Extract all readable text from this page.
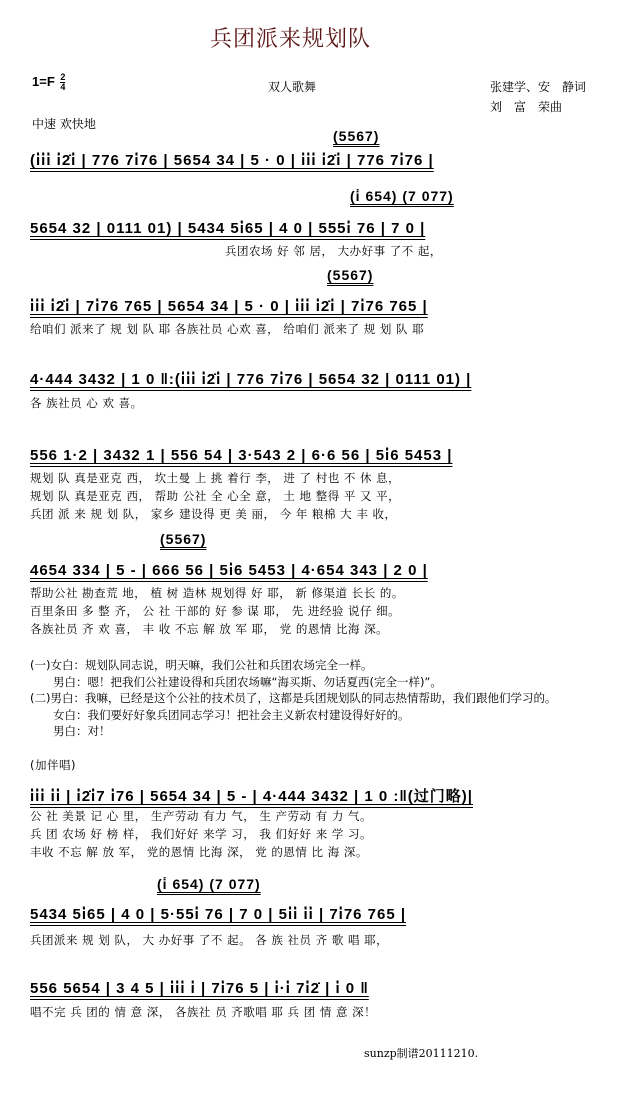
兵团派来规划队
$1=F \frac{2}{4}$	双人歌舞	张建学、安　静词
刘　富　荣曲
中速 欢快地
(5567)
(i̇i̇i̇ i̇2̇i̇ | 776 7i̇76 | 5654 34 | 5 · 0 | i̇i̇i̇ i̇2̇i̇ | 776 7i̇76 |
(i̇ 654) (7 077)
5654 32 | 0111 01) | 5434 5i̇65 | 4 0 | 555i̇ 76 | 7 0 |
兵团农场 好 邻 居， 大办好事 了不 起，
(5567)
i̇i̇i̇ i̇2̇i̇ | 7i̇76 765 | 5654 34 | 5 · 0 | i̇i̇i̇ i̇2̇i̇ | 7i̇76 765 |
给咱们 派来了 规 划 队 耶 各族社员 心欢 喜， 给咱们 派来了 规 划 队 耶
4·444 3432 | 1 0 ‖:(i̇i̇i̇ i̇2̇i̇ | 776 7i̇76 | 5654 32 | 0111 01) |
各 族社员 心 欢 喜。
556 1·2 | 3432 1 | 556 54 | 3·543 2 | 6·6 56 | 5i̇6 5453 |
规划 队 真是亚克 西， 坎土曼 上 挑 着行 李， 进 了 村也 不 休 息，
规划 队 真是亚克 西， 帮助 公社 全 心全 意， 土 地 整得 平 又 平，
兵团 派 来 规 划 队， 家乡 建设得 更 美 丽， 今 年 粮棉 大 丰 收，
(5567)
4654 334 | 5 - | 666 56 | 5i̇6 5453 | 4·654 343 | 2 0 |
帮助公社 勘查荒 地， 植 树 造林 规划得 好 耶， 新 修渠道 长长 的。
百里条田 多 整 齐， 公 社 干部的 好 参 谋 耶， 先 进经验 说仔 细。
各族社员 齐 欢 喜， 丰 收 不忘 解 放 军 耶， 党 的恩情 比海 深。
(一)女白：规划队同志说，明天嘛，我们公社和兵团农场完全一样。
　　男白：嗯！把我们公社建设得和兵团农场嘛“海买斯、勿话夏西(完全一样)”。
(二)男白：我嘛，已经是这个公社的技术员了，这都是兵团规划队的同志热情帮助，我们跟他们学习的。
　　女白：我们要好好象兵团同志学习！把社会主义新农村建设得好好的。
　　男白：对！
(加伴唱)
i̇i̇i̇ i̇i̇ | i̇2̇i̇7 i̇76 | 5654 34 | 5 - | 4·444 3432 | 1 0 :‖(过门略)|
公 社 美景 记 心 里， 生产劳动 有力 气， 生 产劳动 有 力 气。
兵 团 农场 好 榜 样， 我们好好 来学 习， 我 们好好 来 学 习。
丰收 不忘 解 放 军， 党的恩情 比海 深， 党 的恩情 比 海 深。
(i̇ 654) (7 077)
5434 5i̇65 | 4 0 | 5·55i̇ 76 | 7 0 | 5i̇i̇ i̇i̇ | 7i̇76 765 |
兵团派来 规 划 队， 大 办好事 了不 起。 各 族 社员 齐 歌 唱 耶，
556 5654 | 3 4 5 | i̇i̇i̇ i̇ | 7i̇76 5 | i̇·i̇ 7i̇2̇ | i̇ 0 ‖
唱不完 兵 团的 情 意 深， 各族社 员 齐歌唱 耶 兵 团 情 意 深！
sunzp制谱20111210.
